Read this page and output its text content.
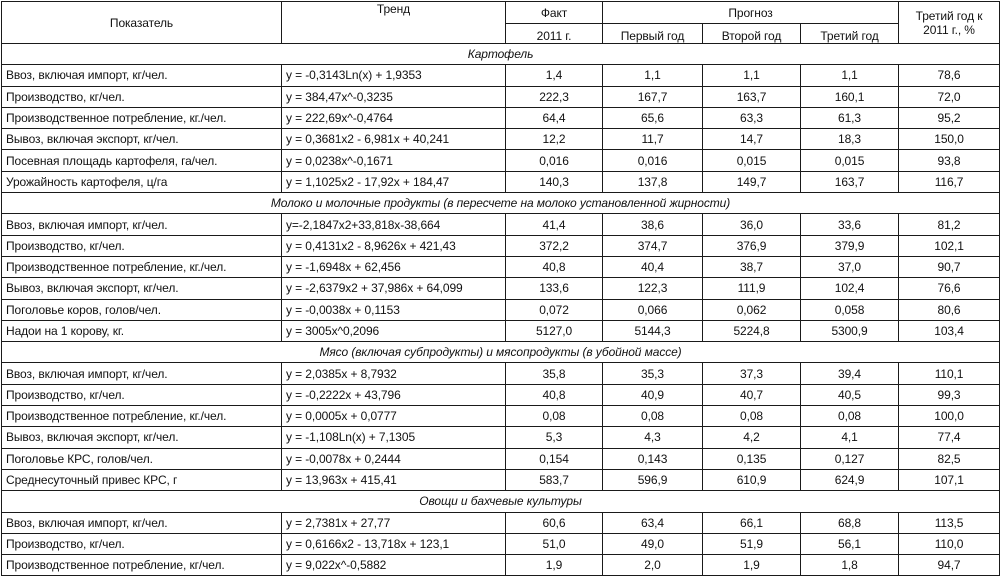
Показатель	Тренд	Факт	Прогноз			Третий год к
2011 г., %

		2011 г.	Первый год	Второй год	Третий год	
Картофель						
Ввоз, включая импорт, кг/чел.	y = -0,3143Ln(x) + 1,9353	1,4	1,1	1,1	1,1	78,6
Производство, кг/чел.	y = 384,47x^-0,3235	222,3	167,7	163,7	160,1	72,0
Производственное потребление, кг./чел.	y = 222,69x^-0,4764	64,4	65,6	63,3	61,3	95,2
Вывоз, включая экспорт, кг/чел.	y = 0,3681x2 - 6,981x + 40,241	12,2	11,7	14,7	18,3	150,0
Посевная площадь картофеля, га/чел.	y = 0,0238x^-0,1671	0,016	0,016	0,015	0,015	93,8
Урожайность картофеля, ц/га	y = 1,1025x2 - 17,92x + 184,47	140,3	137,8	149,7	163,7	116,7
Молоко и молочные продукты (в пересчете на молоко установленной жирности)						
Ввоз, включая импорт, кг/чел.	y=-2,1847x2+33,818x-38,664	41,4	38,6	36,0	33,6	81,2
Производство, кг/чел.	y = 0,4131x2 - 8,9626x + 421,43	372,2	374,7	376,9	379,9	102,1
Производственное потребление, кг./чел.	y = -1,6948x + 62,456	40,8	40,4	38,7	37,0	90,7
Вывоз, включая экспорт, кг/чел.	y = -2,6379x2 + 37,986x + 64,099	133,6	122,3	111,9	102,4	76,6
Поголовье коров, голов/чел.	y = -0,0038x + 0,1153	0,072	0,066	0,062	0,058	80,6
Надои на 1 корову, кг.	y = 3005x^0,2096	5127,0	5144,3	5224,8	5300,9	103,4
Мясо (включая субпродукты) и мясопродукты (в убойной массе)						
Ввоз, включая импорт, кг/чел.	y = 2,0385x + 8,7932	35,8	35,3	37,3	39,4	110,1
Производство, кг/чел.	y = -0,2222x + 43,796	40,8	40,9	40,7	40,5	99,3
Производственное потребление, кг./чел.	y = 0,0005x + 0,0777	0,08	0,08	0,08	0,08	100,0
Вывоз, включая экспорт, кг/чел.	y = -1,108Ln(x) + 7,1305	5,3	4,3	4,2	4,1	77,4
Поголовье КРС, голов/чел.	y = -0,0078x + 0,2444	0,154	0,143	0,135	0,127	82,5
Среднесуточный привес КРС, г	y = 13,963x + 415,41	583,7	596,9	610,9	624,9	107,1
Овощи и бахчевые культуры						
Ввоз, включая импорт, кг/чел.	y = 2,7381x + 27,77	60,6	63,4	66,1	68,8	113,5
Производство, кг/чел.	y = 0,6166x2 - 13,718x + 123,1	51,0	49,0	51,9	56,1	110,0
Производственное потребление, кг/чел.	y = 9,022x^-0,5882	1,9	2,0	1,9	1,8	94,7
